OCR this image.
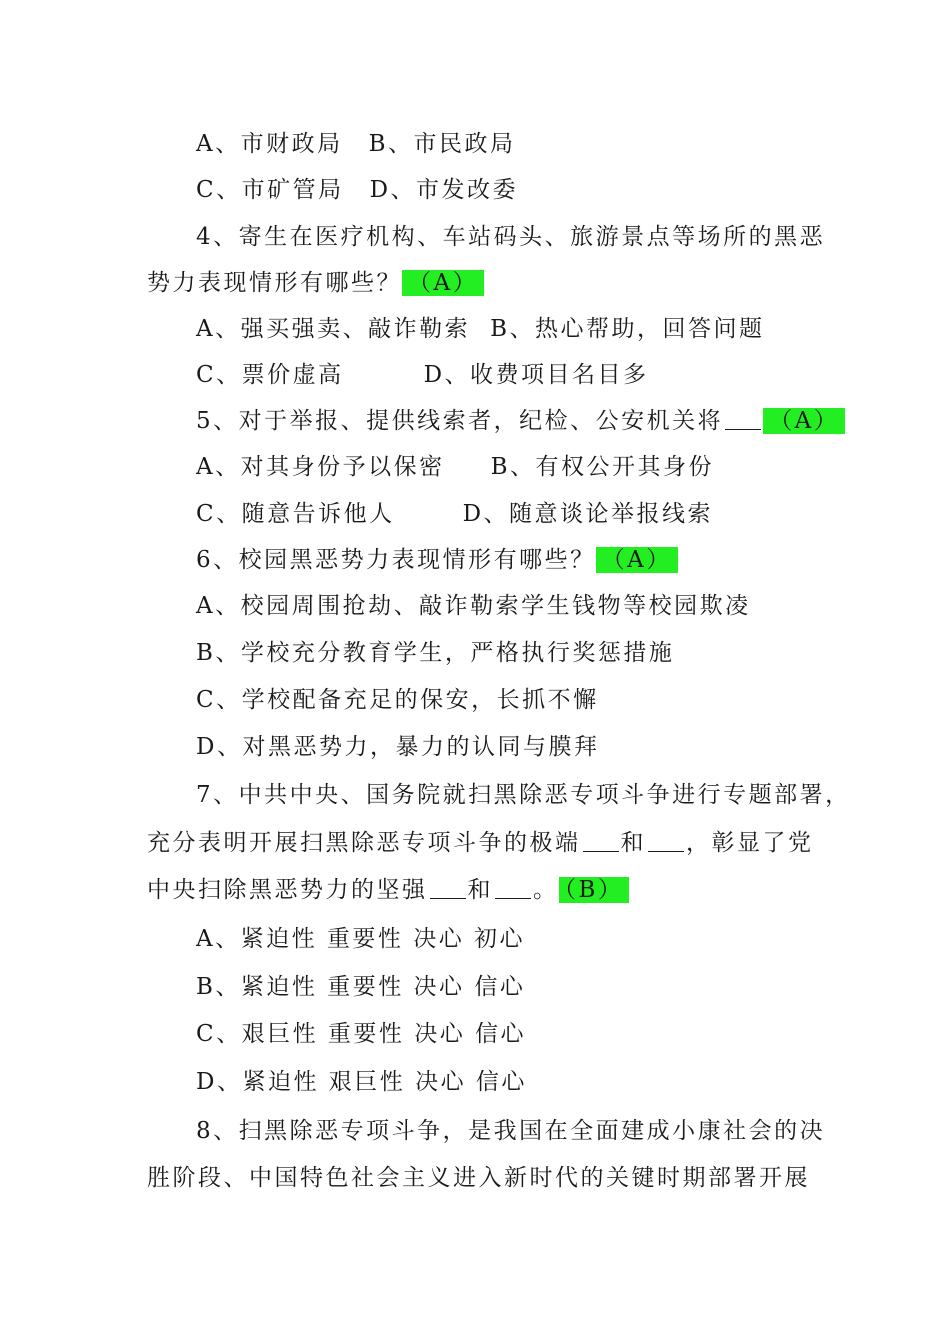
A、市财政局 B、市民政局
C、市矿管局 D、市发改委
4、寄生在医疗机构、车站码头、旅游景点等场所的黑恶
势力表现情形有哪些？ （A）
A、强买强卖、敲诈勒索 B、热心帮助，回答问题
C、票价虚高	D、收费项目名目多
5、对于举报、提供线索者，纪检、公安机关将 （A）
A、对其身份予以保密 B、有权公开其身份
C、随意告诉他人	D、随意谈论举报线索
6、校园黑恶势力表现情形有哪些？ （A）
A、校园周围抢劫、敲诈勒索学生钱物等校园欺凌
B、学校充分教育学生，严格执行奖惩措施
C、学校配备充足的保安，长抓不懈
D、对黑恶势力，暴力的认同与膜拜
7、中共中央、国务院就扫黑除恶专项斗争进行专题部署，
充分表明开展扫黑除恶专项斗争的极端 和 ，彰显了党
中央扫除黑恶势力的坚强 和 。 （B）
A、紧迫性 重要性 决心 初心
B、紧迫性 重要性 决心 信心
C、艰巨性 重要性 决心 信心
D、紧迫性 艰巨性 决心 信心
8、扫黑除恶专项斗争，是我国在全面建成小康社会的决
胜阶段、中国特色社会主义进入新时代的关键时期部署开展
